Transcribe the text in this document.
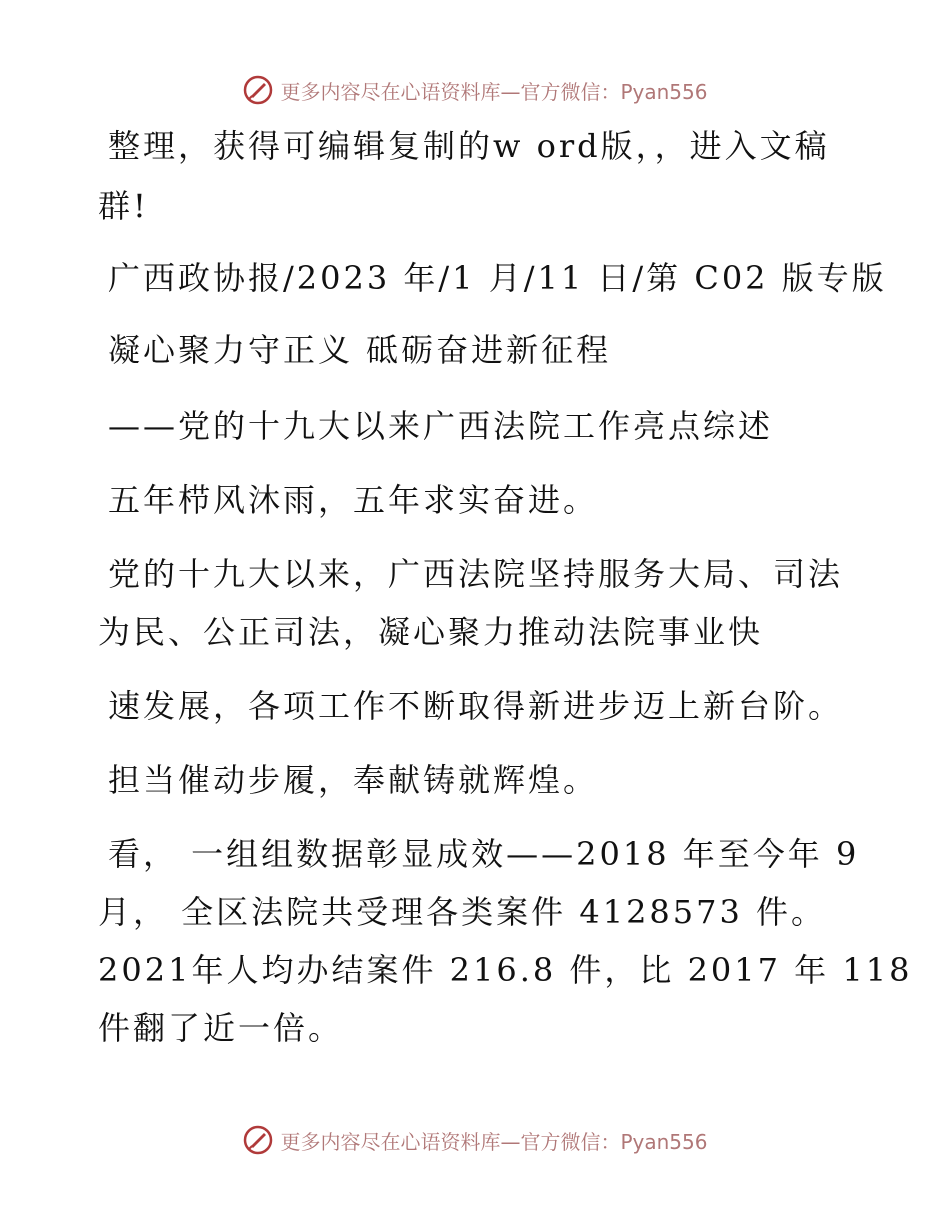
更多内容尽在心语资料库—官方微信：Pyan556
整理，获得可编辑复制的w ord版，，进入文稿
群!
广西政协报/2023 年/1 月/11 日/第 C02 版专版
凝心聚力守正义 砥砺奋进新征程
——党的十九大以来广西法院工作亮点综述
五年栉风沐雨，五年求实奋进。
党的十九大以来，广西法院坚持服务大局、司法
为民、公正司法，凝心聚力推动法院事业快
速发展，各项工作不断取得新进步迈上新台阶。
担当催动步履，奉献铸就辉煌。
看， 一组组数据彰显成效——2018 年至今年 9
月， 全区法院共受理各类案件 4128573 件。
2021年人均办结案件 216.8 件，比 2017 年 118
件翻了近一倍。
更多内容尽在心语资料库—官方微信：Pyan556
